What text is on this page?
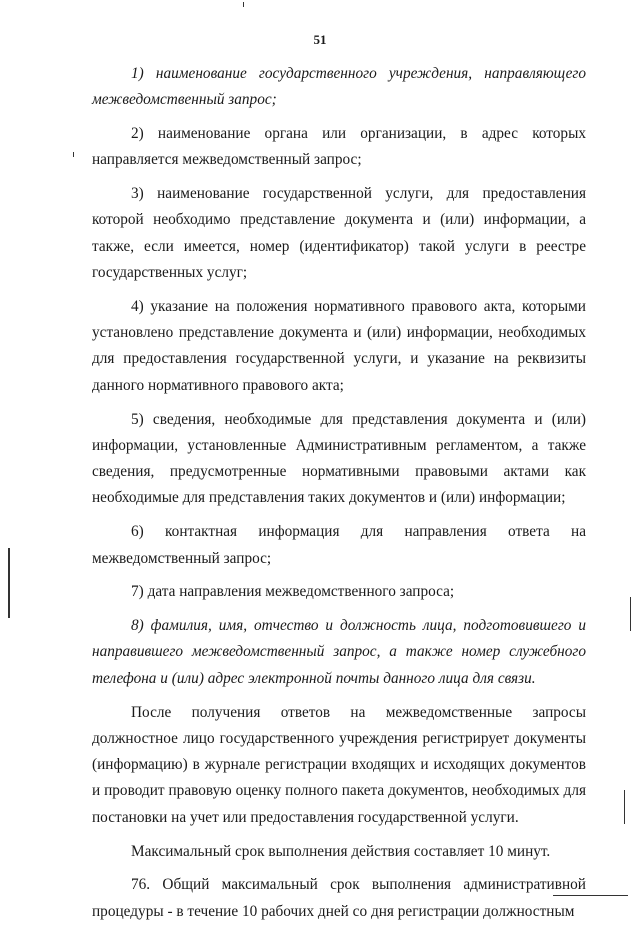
51

1) наименование государственного учреждения, направляющего межведомственный запрос;

2) наименование органа или организации, в адрес которых направляется межведомственный запрос;

3) наименование государственной услуги, для предоставления которой необходимо представление документа и (или) информации, а также, если имеется, номер (идентификатор) такой услуги в реестре государственных услуг;

4) указание на положения нормативного правового акта, которыми установлено представление документа и (или) информации, необходимых для предоставления государственной услуги, и указание на реквизиты данного нормативного правового акта;

5) сведения, необходимые для представления документа и (или) информации, установленные Административным регламентом, а также сведения, предусмотренные нормативными правовыми актами как необходимые для представления таких документов и (или) информации;

6) контактная информация для направления ответа на межведомственный запрос;

7) дата направления межведомственного запроса;

8) фамилия, имя, отчество и должность лица, подготовившего и направившего межведомственный запрос, а также номер служебного телефона и (или) адрес электронной почты данного лица для связи.

После получения ответов на межведомственные запросы должностное лицо государственного учреждения регистрирует документы (информацию) в журнале регистрации входящих и исходящих документов и проводит правовую оценку полного пакета документов, необходимых для постановки на учет или предоставления государственной услуги.

Максимальный срок выполнения действия составляет 10 минут.

76. Общий максимальный срок выполнения административной процедуры - в течение 10 рабочих дней со дня регистрации должностным
